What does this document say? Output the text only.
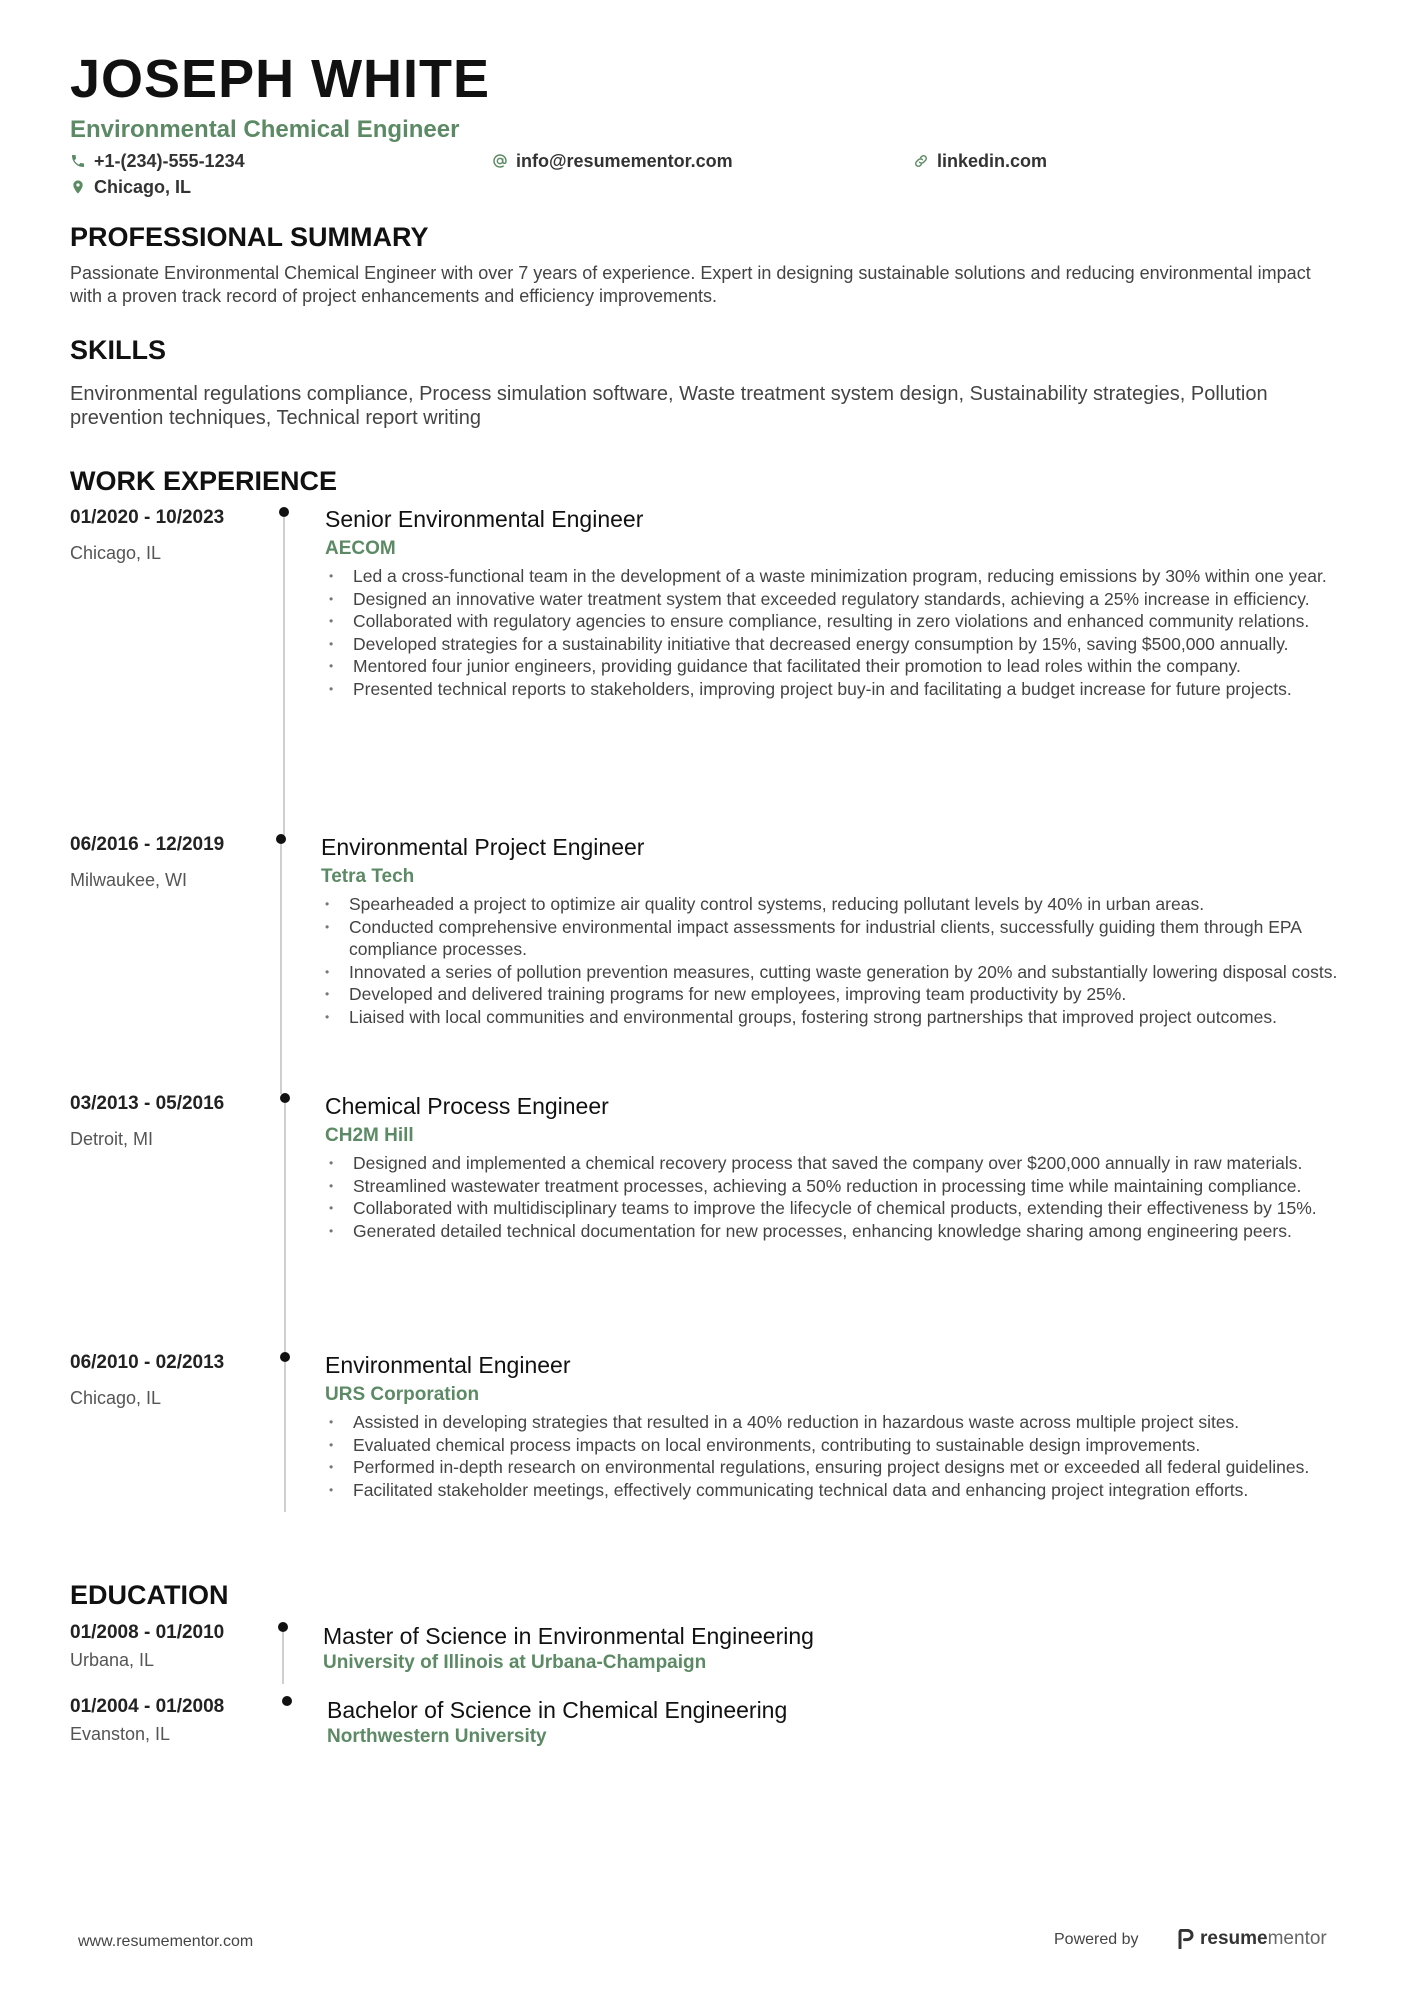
JOSEPH WHITE
Environmental Chemical Engineer
+1-(234)-555-1234	info@resumementor.com	linkedin.com
Chicago, IL
PROFESSIONAL SUMMARY
Passionate Environmental Chemical Engineer with over 7 years of experience. Expert in designing sustainable solutions and reducing environmental impact with a proven track record of project enhancements and efficiency improvements.
SKILLS
Environmental regulations compliance, Process simulation software, Waste treatment system design, Sustainability strategies, Pollution prevention techniques, Technical report writing
WORK EXPERIENCE
01/2020 - 10/2023
Chicago, IL
Senior Environmental Engineer
AECOM
• Led a cross-functional team in the development of a waste minimization program, reducing emissions by 30% within one year.
• Designed an innovative water treatment system that exceeded regulatory standards, achieving a 25% increase in efficiency.
• Collaborated with regulatory agencies to ensure compliance, resulting in zero violations and enhanced community relations.
• Developed strategies for a sustainability initiative that decreased energy consumption by 15%, saving $500,000 annually.
• Mentored four junior engineers, providing guidance that facilitated their promotion to lead roles within the company.
• Presented technical reports to stakeholders, improving project buy-in and facilitating a budget increase for future projects.
06/2016 - 12/2019
Milwaukee, WI
Environmental Project Engineer
Tetra Tech
• Spearheaded a project to optimize air quality control systems, reducing pollutant levels by 40% in urban areas.
• Conducted comprehensive environmental impact assessments for industrial clients, successfully guiding them through EPA compliance processes.
• Innovated a series of pollution prevention measures, cutting waste generation by 20% and substantially lowering disposal costs.
• Developed and delivered training programs for new employees, improving team productivity by 25%.
• Liaised with local communities and environmental groups, fostering strong partnerships that improved project outcomes.
03/2013 - 05/2016
Detroit, MI
Chemical Process Engineer
CH2M Hill
• Designed and implemented a chemical recovery process that saved the company over $200,000 annually in raw materials.
• Streamlined wastewater treatment processes, achieving a 50% reduction in processing time while maintaining compliance.
• Collaborated with multidisciplinary teams to improve the lifecycle of chemical products, extending their effectiveness by 15%.
• Generated detailed technical documentation for new processes, enhancing knowledge sharing among engineering peers.
06/2010 - 02/2013
Chicago, IL
Environmental Engineer
URS Corporation
• Assisted in developing strategies that resulted in a 40% reduction in hazardous waste across multiple project sites.
• Evaluated chemical process impacts on local environments, contributing to sustainable design improvements.
• Performed in-depth research on environmental regulations, ensuring project designs met or exceeded all federal guidelines.
• Facilitated stakeholder meetings, effectively communicating technical data and enhancing project integration efforts.
EDUCATION
01/2008 - 01/2010
Urbana, IL
Master of Science in Environmental Engineering
University of Illinois at Urbana-Champaign
01/2004 - 01/2008
Evanston, IL
Bachelor of Science in Chemical Engineering
Northwestern University
www.resumementor.com	Powered by	resumementor
